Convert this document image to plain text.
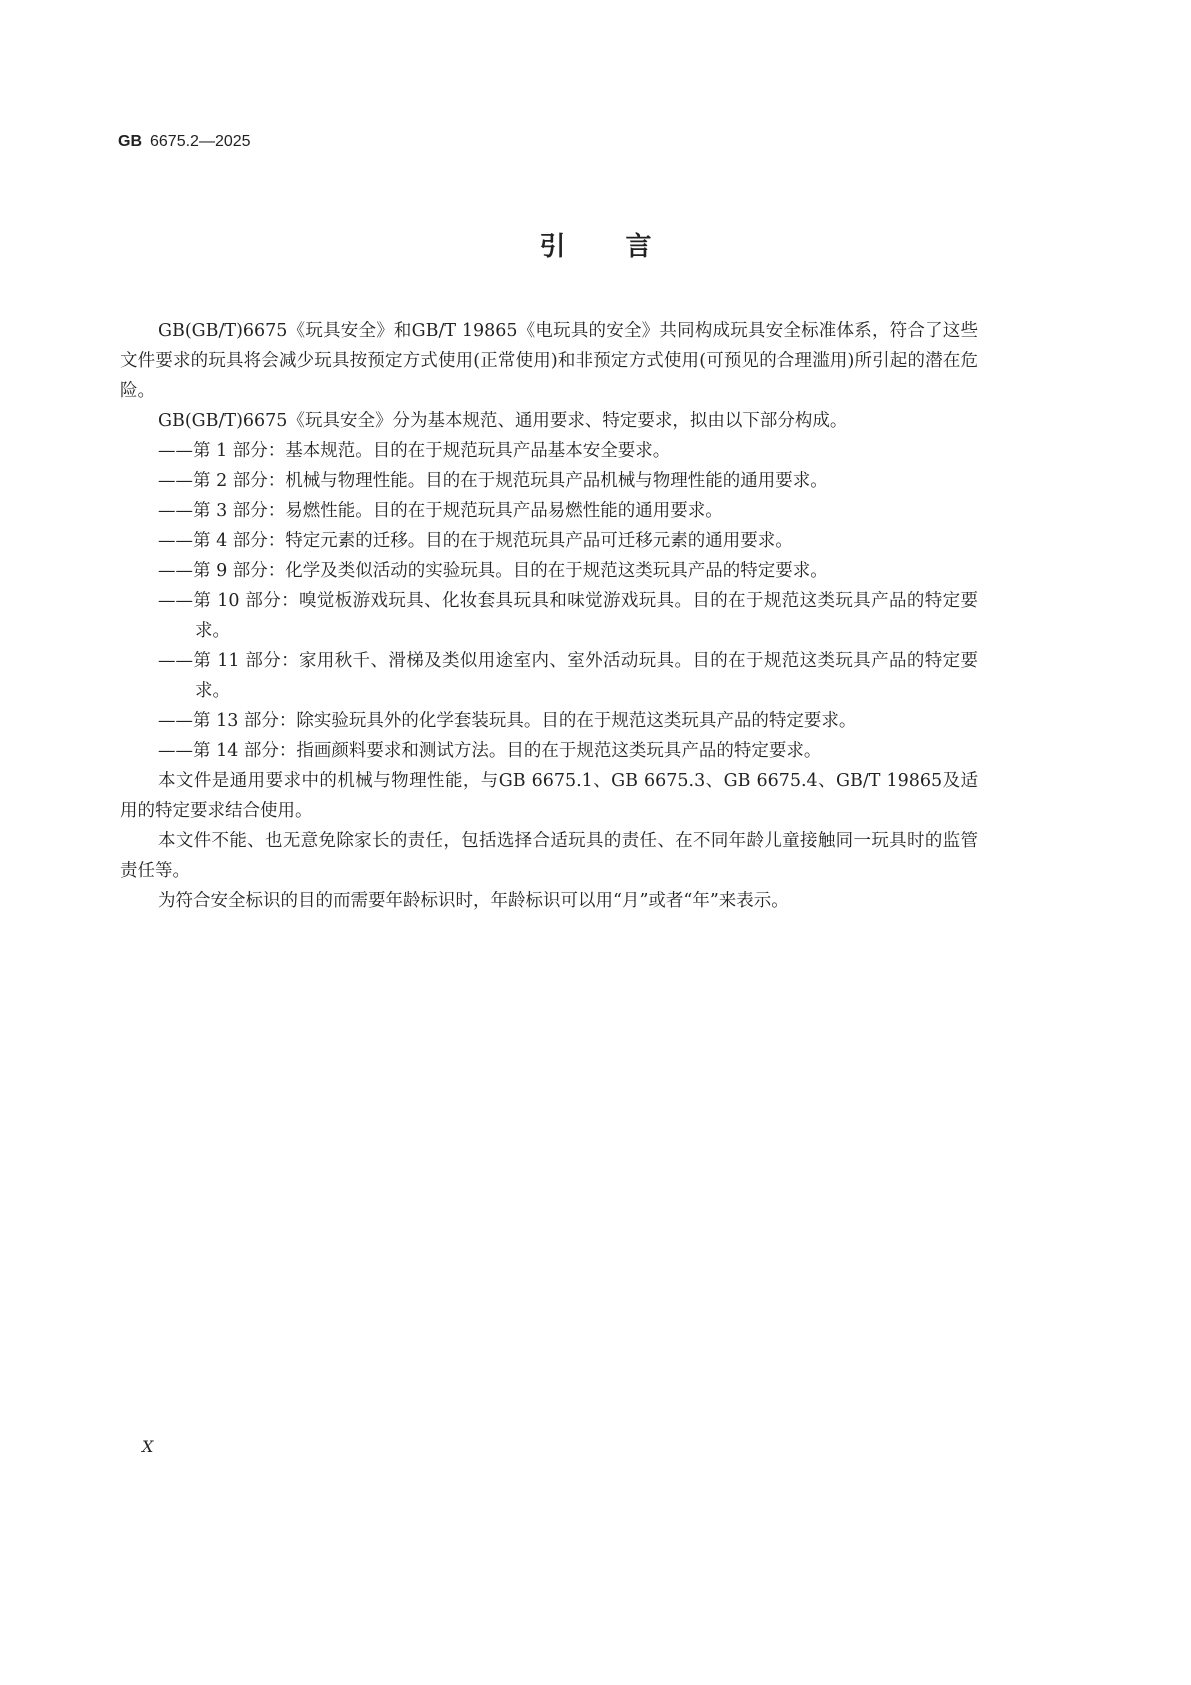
GB 6675.2—2025
引言

GB(GB/T)6675《玩具安全》和GB/T 19865《电玩具的安全》共同构成玩具安全标准体系，符合了这些文件要求的玩具将会减少玩具按预定方式使用(正常使用)和非预定方式使用(可预见的合理滥用)所引起的潜在危险。

GB(GB/T)6675《玩具安全》分为基本规范、通用要求、特定要求，拟由以下部分构成。

——第 1 部分：基本规范。目的在于规范玩具产品基本安全要求。

——第 2 部分：机械与物理性能。目的在于规范玩具产品机械与物理性能的通用要求。

——第 3 部分：易燃性能。目的在于规范玩具产品易燃性能的通用要求。

——第 4 部分：特定元素的迁移。目的在于规范玩具产品可迁移元素的通用要求。

——第 9 部分：化学及类似活动的实验玩具。目的在于规范这类玩具产品的特定要求。

——第 10 部分：嗅觉板游戏玩具、化妆套具玩具和味觉游戏玩具。目的在于规范这类玩具产品的特定要求。

——第 11 部分：家用秋千、滑梯及类似用途室内、室外活动玩具。目的在于规范这类玩具产品的特定要求。

——第 13 部分：除实验玩具外的化学套装玩具。目的在于规范这类玩具产品的特定要求。

——第 14 部分：指画颜料要求和测试方法。目的在于规范这类玩具产品的特定要求。

本文件是通用要求中的机械与物理性能，与GB 6675.1、GB 6675.3、GB 6675.4、GB/T 19865及适用的特定要求结合使用。

本文件不能、也无意免除家长的责任，包括选择合适玩具的责任、在不同年龄儿童接触同一玩具时的监管责任等。

为符合安全标识的目的而需要年龄标识时，年龄标识可以用“月”或者“年”来表示。

X
